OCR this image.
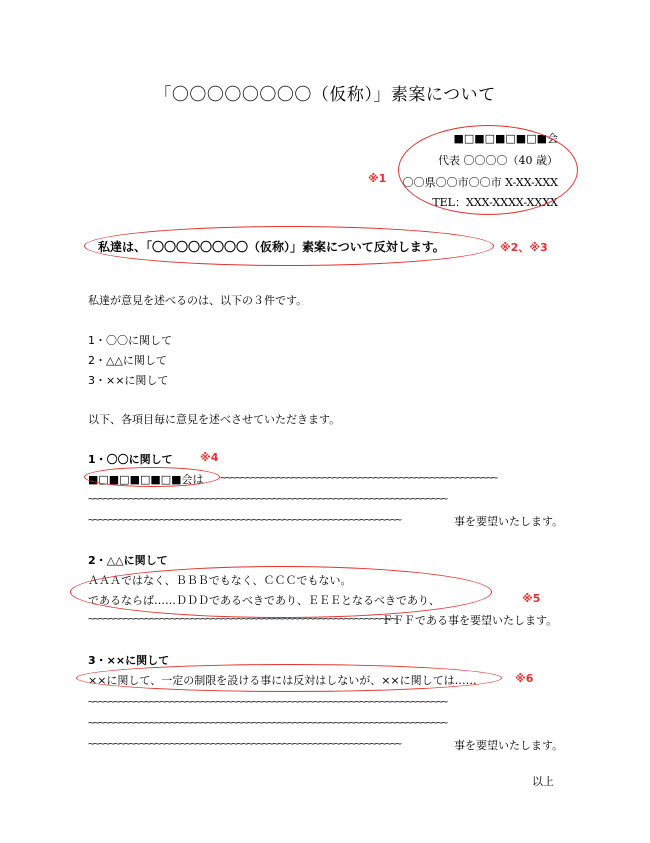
「〇〇〇〇〇〇〇〇（仮称）」素案について
■□■□■□■□■会
代表 〇〇〇〇（40 歳）
〇〇県〇〇市〇〇市 X-XX-XXX
TEL：XXX-XXXX-XXXX
※1
私達は、「〇〇〇〇〇〇〇〇（仮称）」素案について反対します。	※2、※3
私達が意見を述べるのは、以下の３件です。
1・〇〇に関して
2・△△に関して
3・××に関して
以下、各項目毎に意見を述べさせていただきます。
1・〇〇に関して ※4
■□■□■□■□■会は ~~~~~~~~~~~~~~~~~~~~~~~~~~~~~~~~~~~~~~~~~~~~~~~~~~~~~~
~~~~~~~~~~~~~~~~~~~~~~~~~~~~~~~~~~~~~~~~~~~~~~~~~~~~~~~~~~~~~~~~~~~~~~
~~~~~~~~~~~~~~~~~~~~~~~~~~~~~~~~~~~~~~~~~~~~~~~~~~~~~~~~~~~~~	事を要望いたします。
2・△△に関して
ＡＡＡではなく、ＢＢＢでもなく、ＣＣＣでもない。
であるならば……ＤＤＤであるべきであり、ＥＥＥとなるべきであり、	※5
~~~~~~~~~~~~~~~~~~~~~~~~~~~~~~~~~~~~~~~~~~~~~~~~~~~~~~~~~~~~
ＦＦＦである事を要望いたします。
3・××に関して
××に関して、一定の制限を設ける事には反対はしないが、××に関しては……	※6
~~~~~~~~~~~~~~~~~~~~~~~~~~~~~~~~~~~~~~~~~~~~~~~~~~~~~~~~~~~~~~~~~~~~~~
~~~~~~~~~~~~~~~~~~~~~~~~~~~~~~~~~~~~~~~~~~~~~~~~~~~~~~~~~~~~~~~~~~~~~~
~~~~~~~~~~~~~~~~~~~~~~~~~~~~~~~~~~~~~~~~~~~~~~~~~~~~~~~~~~~~~	事を要望いたします。
以上
